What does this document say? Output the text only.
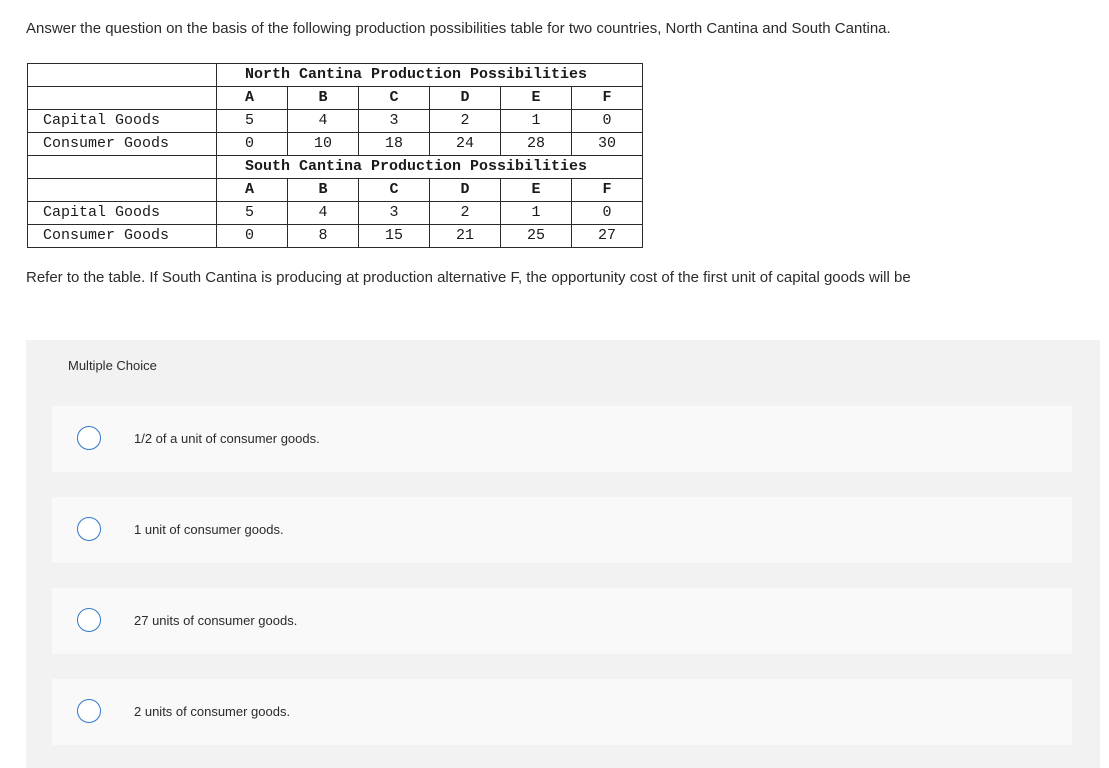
Answer the question on the basis of the following production possibilities table for two countries, North Cantina and South Cantina.
	North Cantina Production Possibilities					
	A	B	C	D	E	F
Capital Goods	5	4	3	2	1	0
Consumer Goods	0	10	18	24	28	30
	South Cantina Production Possibilities					
	A	B	C	D	E	F
Capital Goods	5	4	3	2	1	0
Consumer Goods	0	8	15	21	25	27
Refer to the table. If South Cantina is producing at production alternative F, the opportunity cost of the first unit of capital goods will be
Multiple Choice
1/2 of a unit of consumer goods.
1 unit of consumer goods.
27 units of consumer goods.
2 units of consumer goods.
